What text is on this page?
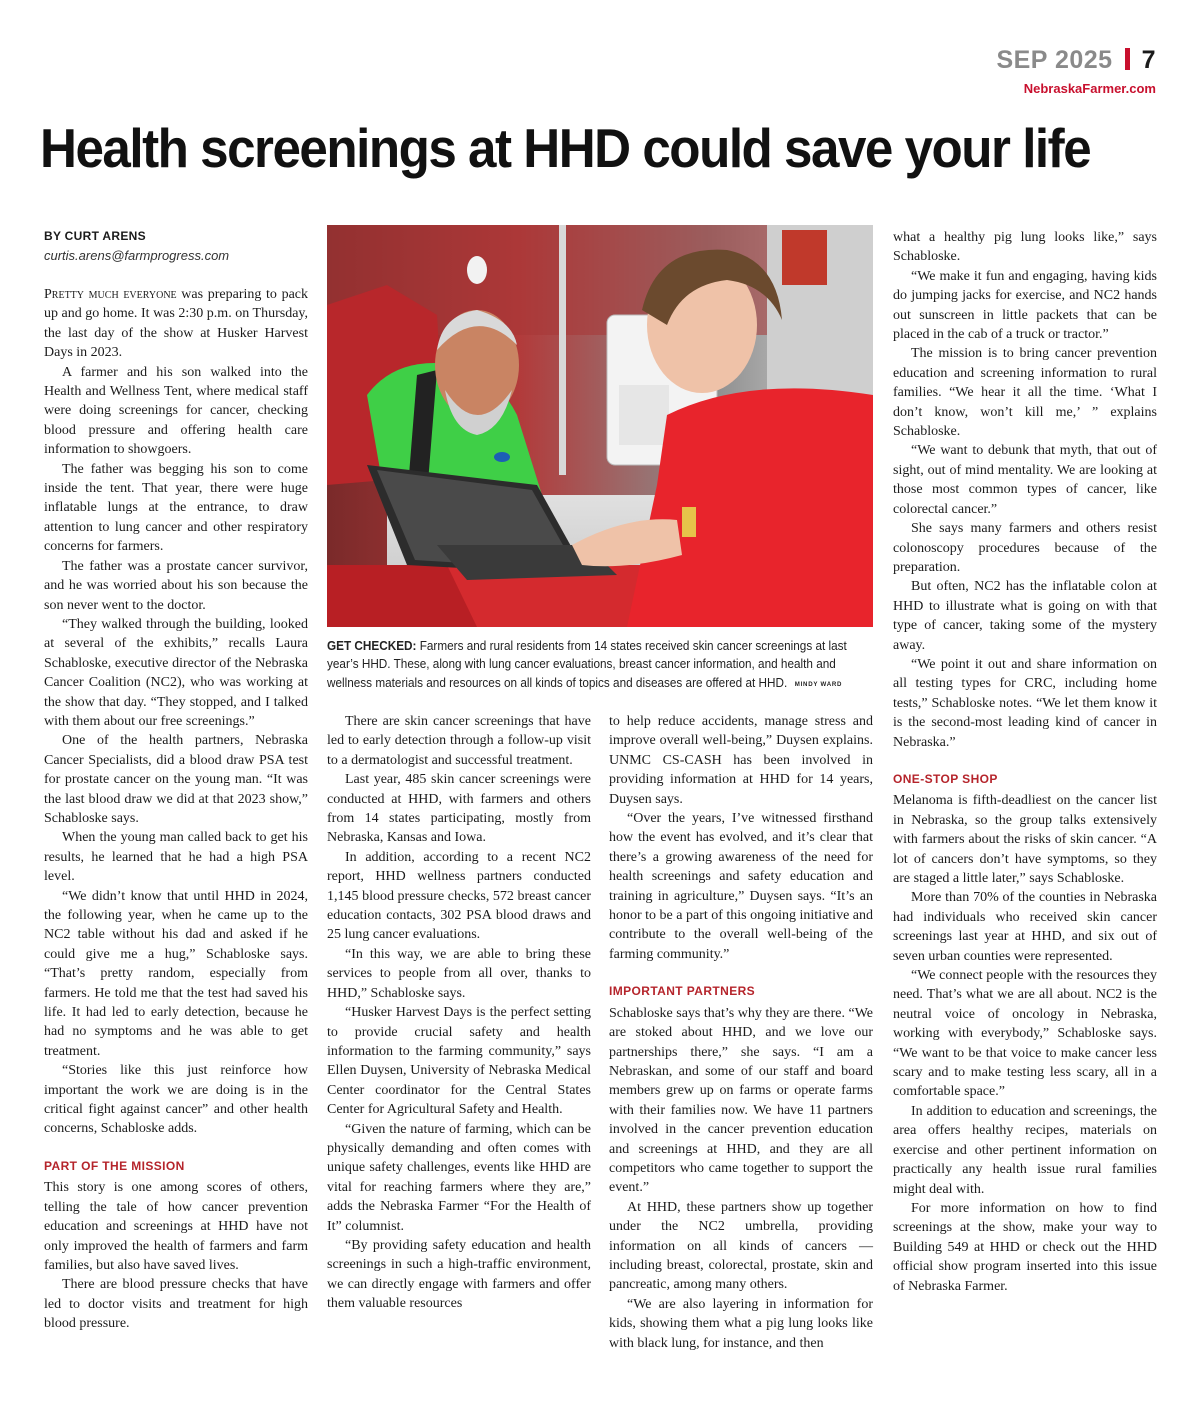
SEP 2025 7
NebraskaFarmer.com
Health screenings at HHD could save your life
BY CURT ARENS
curtis.arens@farmprogress.com

Pretty much everyone was preparing to pack up and go home. It was 2:30 p.m. on Thursday, the last day of the show at Husker Harvest Days in 2023.

A farmer and his son walked into the Health and Wellness Tent, where medical staff were doing screenings for cancer, checking blood pressure and offering health care information to showgoers.

The father was begging his son to come inside the tent. That year, there were huge inflatable lungs at the entrance, to draw attention to lung cancer and other respiratory concerns for farmers.

The father was a prostate cancer survivor, and he was worried about his son because the son never went to the doctor.

“They walked through the building, looked at several of the exhibits,” recalls Laura Schabloske, executive director of the Nebraska Cancer Coalition (NC2), who was working at the show that day. “They stopped, and I talked with them about our free screenings.”

One of the health partners, Nebraska Cancer Specialists, did a blood draw PSA test for prostate cancer on the young man. “It was the last blood draw we did at that 2023 show,” Schabloske says.

When the young man called back to get his results, he learned that he had a high PSA level.

“We didn’t know that until HHD in 2024, the following year, when he came up to the NC2 table without his dad and asked if he could give me a hug,” Schabloske says. “That’s pretty random, especially from farmers. He told me that the test had saved his life. It had led to early detection, because he had no symptoms and he was able to get treatment.

“Stories like this just reinforce how important the work we are doing is in the critical fight against cancer” and other health concerns, Schabloske adds.

PART OF THE MISSION

This story is one among scores of others, telling the tale of how cancer prevention education and screenings at HHD have not only improved the health of farmers and farm families, but also have saved lives.

There are blood pressure checks that have led to doctor visits and treatment for high blood pressure.

GET CHECKED: Farmers and rural residents from 14 states received skin cancer screenings at last year’s HHD. These, along with lung cancer evaluations, breast cancer information, and health and wellness materials and resources on all kinds of topics and diseases are offered at HHD. MINDY WARD

There are skin cancer screenings that have led to early detection through a follow-up visit to a dermatologist and successful treatment.

Last year, 485 skin cancer screenings were conducted at HHD, with farmers and others from 14 states participating, mostly from Nebraska, Kansas and Iowa.

In addition, according to a recent NC2 report, HHD wellness partners conducted 1,145 blood pressure checks, 572 breast cancer education contacts, 302 PSA blood draws and 25 lung cancer evaluations.

“In this way, we are able to bring these services to people from all over, thanks to HHD,” Schabloske says.

“Husker Harvest Days is the perfect setting to provide crucial safety and health information to the farming community,” says Ellen Duysen, University of Nebraska Medical Center coordinator for the Central States Center for Agricultural Safety and Health.

“Given the nature of farming, which can be physically demanding and often comes with unique safety challenges, events like HHD are vital for reaching farmers where they are,” adds the Nebraska Farmer “For the Health of It” columnist.

“By providing safety education and health screenings in such a high-traffic environment, we can directly engage with farmers and offer them valuable resources

to help reduce accidents, manage stress and improve overall well-being,” Duysen explains. UNMC CS-CASH has been involved in providing information at HHD for 14 years, Duysen says.

“Over the years, I’ve witnessed firsthand how the event has evolved, and it’s clear that there’s a growing awareness of the need for health screenings and safety education and training in agriculture,” Duysen says. “It’s an honor to be a part of this ongoing initiative and contribute to the overall well-being of the farming community.”

IMPORTANT PARTNERS

Schabloske says that’s why they are there. “We are stoked about HHD, and we love our partnerships there,” she says. “I am a Nebraskan, and some of our staff and board members grew up on farms or operate farms with their families now. We have 11 partners involved in the cancer prevention education and screenings at HHD, and they are all competitors who came together to support the event.”

At HHD, these partners show up together under the NC2 umbrella, providing information on all kinds of cancers — including breast, colorectal, prostate, skin and pancreatic, among many others.

“We are also layering in information for kids, showing them what a pig lung looks like with black lung, for instance, and then

what a healthy pig lung looks like,” says Schabloske.

“We make it fun and engaging, having kids do jumping jacks for exercise, and NC2 hands out sunscreen in little packets that can be placed in the cab of a truck or tractor.”

The mission is to bring cancer prevention education and screening information to rural families. “We hear it all the time. ‘What I don’t know, won’t kill me,’ ” explains Schabloske.

“We want to debunk that myth, that out of sight, out of mind mentality. We are looking at those most common types of cancer, like colorectal cancer.”

She says many farmers and others resist colonoscopy procedures because of the preparation.

But often, NC2 has the inflatable colon at HHD to illustrate what is going on with that type of cancer, taking some of the mystery away.

“We point it out and share information on all testing types for CRC, including home tests,” Schabloske notes. “We let them know it is the second-most leading kind of cancer in Nebraska.”

ONE-STOP SHOP

Melanoma is fifth-deadliest on the cancer list in Nebraska, so the group talks extensively with farmers about the risks of skin cancer. “A lot of cancers don’t have symptoms, so they are staged a little later,” says Schabloske.

More than 70% of the counties in Nebraska had individuals who received skin cancer screenings last year at HHD, and six out of seven urban counties were represented.

“We connect people with the resources they need. That’s what we are all about. NC2 is the neutral voice of oncology in Nebraska, working with everybody,” Schabloske says. “We want to be that voice to make cancer less scary and to make testing less scary, all in a comfortable space.”

In addition to education and screenings, the area offers healthy recipes, materials on exercise and other pertinent information on practically any health issue rural families might deal with.

For more information on how to find screenings at the show, make your way to Building 549 at HHD or check out the HHD official show program inserted into this issue of Nebraska Farmer.
